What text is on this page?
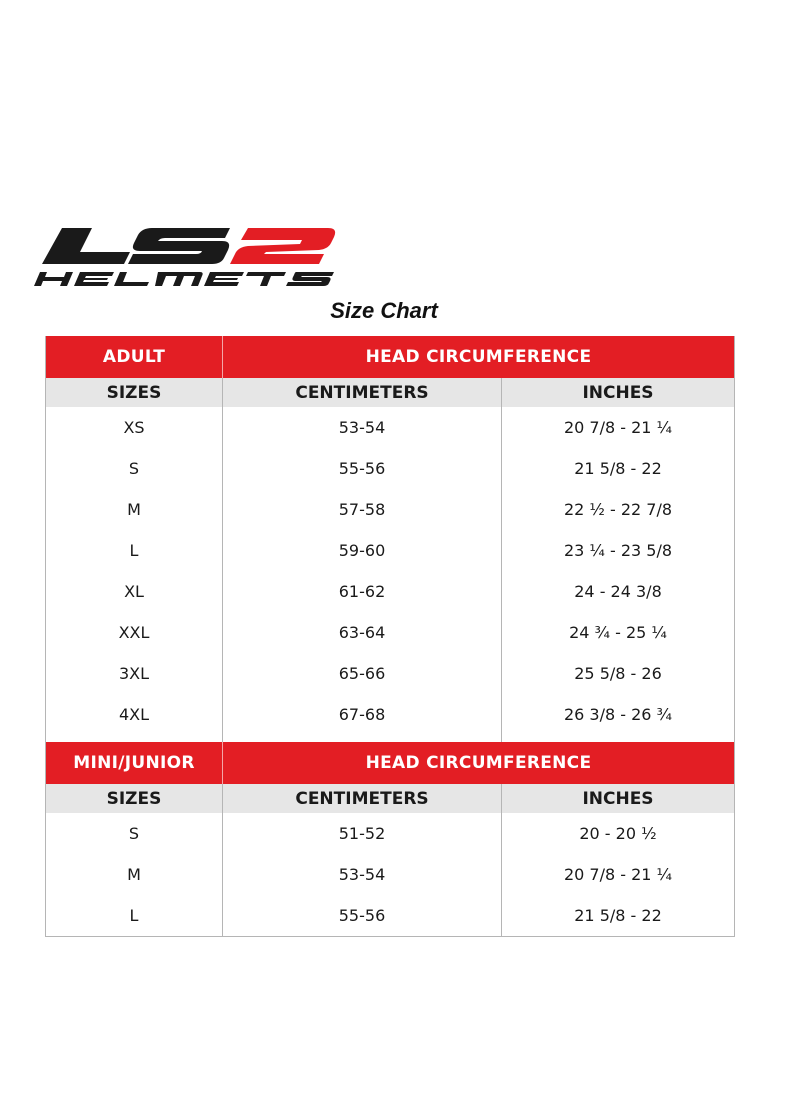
Size Chart
ADULT	HEAD CIRCUMFERENCE
SIZES	CENTIMETERS	INCHES
XS	53-54	20 7/8 - 21 ¼
S	55-56	21 5/8 - 22
M	57-58	22 ½ - 22 7/8
L	59-60	23 ¼ - 23 5/8
XL	61-62	24 - 24 3/8
XXL	63-64	24 ¾ - 25 ¼
3XL	65-66	25 5/8 - 26
4XL	67-68	26 3/8 - 26 ¾
MINI/JUNIOR	HEAD CIRCUMFERENCE
SIZES	CENTIMETERS	INCHES
S	51-52	20 - 20 ½
M	53-54	20 7/8 - 21 ¼
L	55-56	21 5/8 - 22
